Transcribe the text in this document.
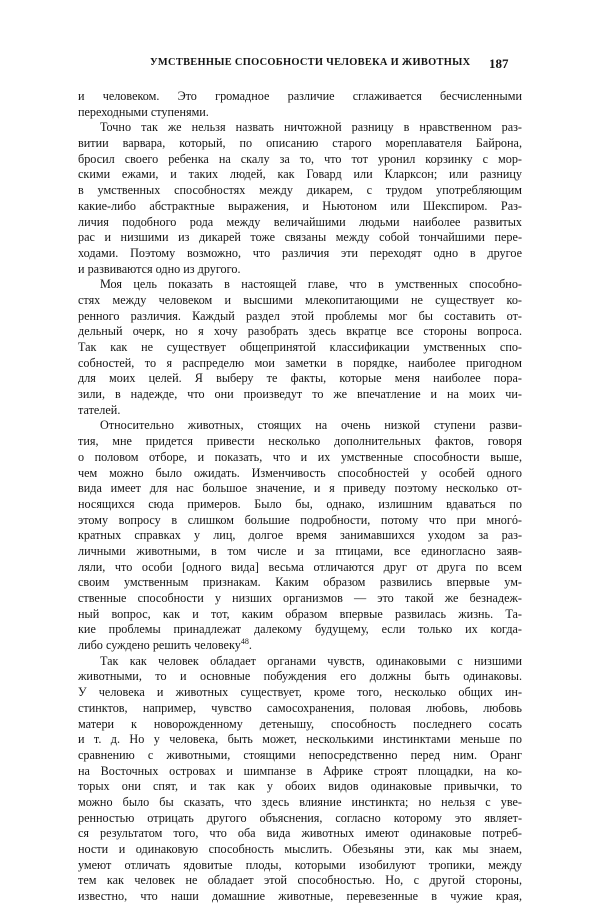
УМСТВЕННЫЕ СПОСОБНОСТИ ЧЕЛОВЕКА И ЖИВОТНЫХ 187
и человеком. Это громадное различие сглаживается бесчисленными
переходными ступенями.
Точно так же нельзя назвать ничтожной разницу в нравственном раз-
витии варвара, который, по описанию старого мореплавателя Байрона,
бросил своего ребенка на скалу за то, что тот уронил корзинку с мор-
скими ежами, и таких людей, как Говард или Кларксон; или разницу
в умственных способностях между дикарем, с трудом употребляющим
какие-либо абстрактные выражения, и Ньютоном или Шекспиром. Раз-
личия подобного рода между величайшими людьми наиболее развитых
рас и низшими из дикарей тоже связаны между собой тончайшими пере-
ходами. Поэтому возможно, что различия эти переходят одно в другое
и развиваются одно из другого.
Моя цель показать в настоящей главе, что в умственных способно-
стях между человеком и высшими млекопитающими не существует ко-
ренного различия. Каждый раздел этой проблемы мог бы составить от-
дельный очерк, но я хочу разобрать здесь вкратце все стороны вопроса.
Так как не существует общепринятой классификации умственных спо-
собностей, то я распределю мои заметки в порядке, наиболее пригодном
для моих целей. Я выберу те факты, которые меня наиболее пора-
зили, в надежде, что они произведут то же впечатление и на моих чи-
тателей.
Относительно животных, стоящих на очень низкой ступени разви-
тия, мне придется привести несколько дополнительных фактов, говоря
о половом отборе, и показать, что и их умственные способности выше,
чем можно было ожидать. Изменчивость способностей у особей одного
вида имеет для нас большое значение, и я приведу поэтому несколько от-
носящихся сюда примеров. Было бы, однако, излишним вдаваться по
этому вопросу в слишком большие подробности, потому что при многό-
кратных справках у лиц, долгое время занимавшихся уходом за раз-
личными животными, в том числе и за птицами, все единогласно заяв-
ляли, что особи [одного вида] весьма отличаются друг от друга по всем
своим умственным признакам. Каким образом развились впервые ум-
ственные способности у низших организмов — это такой же безнадеж-
ный вопрос, как и тот, каким образом впервые развилась жизнь. Та-
кие проблемы принадлежат далекому будущему, если только их когда-
либо суждено решить человеку$^{48}$.
Так как человек обладает органами чувств, одинаковыми с низшими
животными, то и основные побуждения его должны быть одинаковы.
У человека и животных существует, кроме того, несколько общих ин-
стинктов, например, чувство самосохранения, половая любовь, любовь
матери к новорожденному детенышу, способность последнего сосать
и т. д. Но у человека, быть может, несколькими инстинктами меньше по
сравнению с животными, стоящими непосредственно перед ним. Оранг
на Восточных островах и шимпанзе в Африке строят площадки, на ко-
торых они спят, и так как у обоих видов одинаковые привычки, то
можно было бы сказать, что здесь влияние инстинкта; но нельзя с уве-
ренностью отрицать другого объяснения, согласно которому это являет-
ся результатом того, что оба вида животных имеют одинаковые потреб-
ности и одинаковую способность мыслить. Обезьяны эти, как мы знаем,
умеют отличать ядовитые плоды, которыми изобилуют тропики, между
тем как человек не обладает этой способностью. Но, с другой стороны,
известно, что наши домашние животные, перевезенные в чужие края,
